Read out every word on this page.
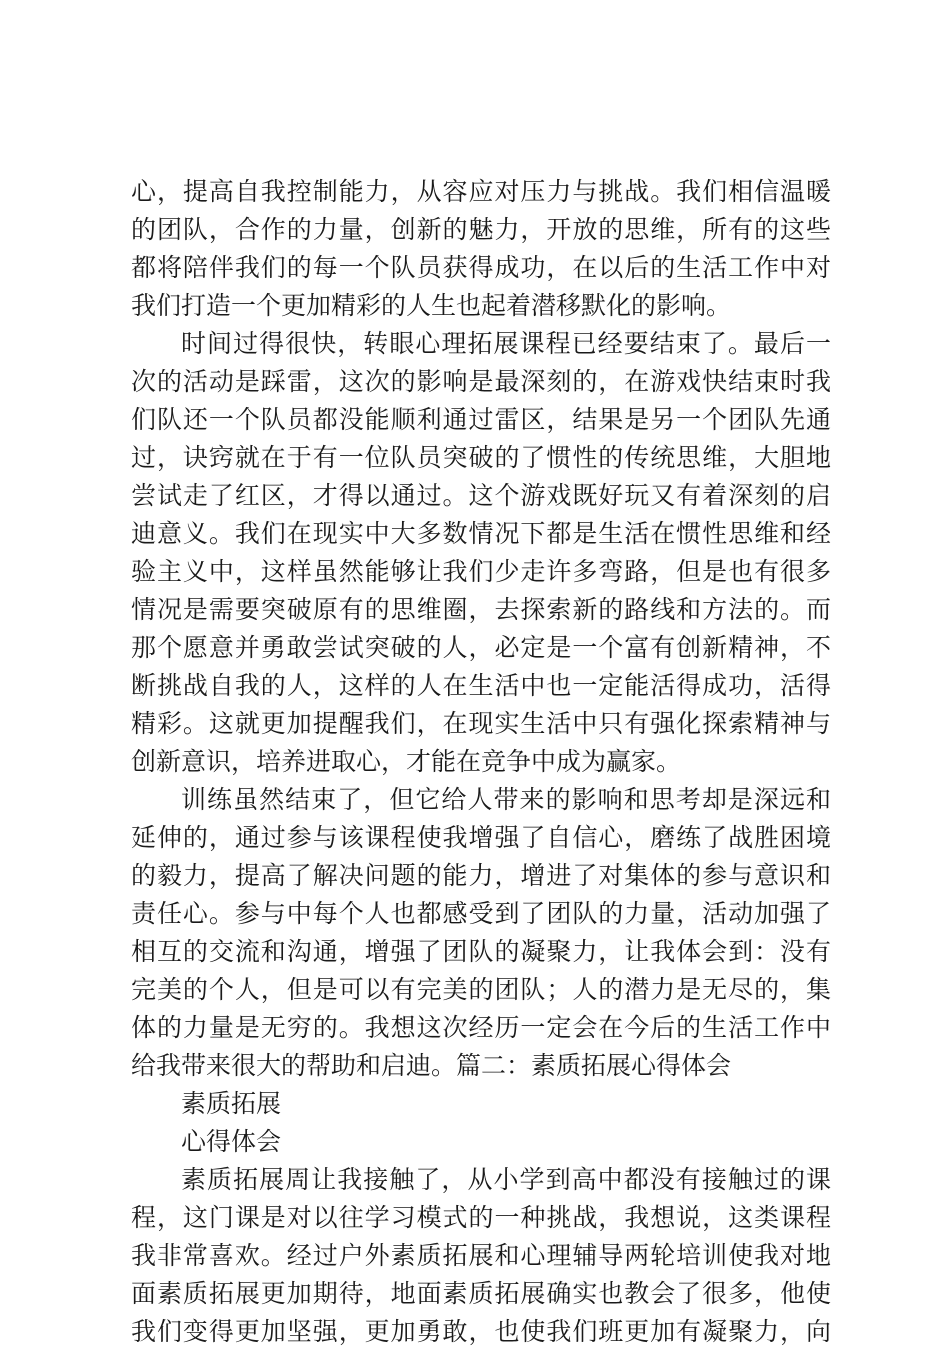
心，提高自我控制能力，从容应对压力与挑战。我们相信温暖
的团队，合作的力量，创新的魅力，开放的思维，所有的这些
都将陪伴我们的每一个队员获得成功，在以后的生活工作中对
我们打造一个更加精彩的人生也起着潜移默化的影响。
时间过得很快，转眼心理拓展课程已经要结束了。最后一
次的活动是踩雷，这次的影响是最深刻的，在游戏快结束时我
们队还一个队员都没能顺利通过雷区，结果是另一个团队先通
过，诀窍就在于有一位队员突破的了惯性的传统思维，大胆地
尝试走了红区，才得以通过。这个游戏既好玩又有着深刻的启
迪意义。我们在现实中大多数情况下都是生活在惯性思维和经
验主义中，这样虽然能够让我们少走许多弯路，但是也有很多
情况是需要突破原有的思维圈，去探索新的路线和方法的。而
那个愿意并勇敢尝试突破的人，必定是一个富有创新精神，不
断挑战自我的人，这样的人在生活中也一定能活得成功，活得
精彩。这就更加提醒我们，在现实生活中只有强化探索精神与
创新意识，培养进取心，才能在竞争中成为赢家。
训练虽然结束了，但它给人带来的影响和思考却是深远和
延伸的，通过参与该课程使我增强了自信心，磨练了战胜困境
的毅力，提高了解决问题的能力，增进了对集体的参与意识和
责任心。参与中每个人也都感受到了团队的力量，活动加强了
相互的交流和沟通，增强了团队的凝聚力，让我体会到：没有
完美的个人，但是可以有完美的团队；人的潜力是无尽的，集
体的力量是无穷的。我想这次经历一定会在今后的生活工作中
给我带来很大的帮助和启迪。篇二：素质拓展心得体会
素质拓展
心得体会
素质拓展周让我接触了，从小学到高中都没有接触过的课
程，这门课是对以往学习模式的一种挑战，我想说，这类课程
我非常喜欢。经过户外素质拓展和心理辅导两轮培训使我对地
面素质拓展更加期待，地面素质拓展确实也教会了很多，他使
我们变得更加坚强，更加勇敢，也使我们班更加有凝聚力，向
